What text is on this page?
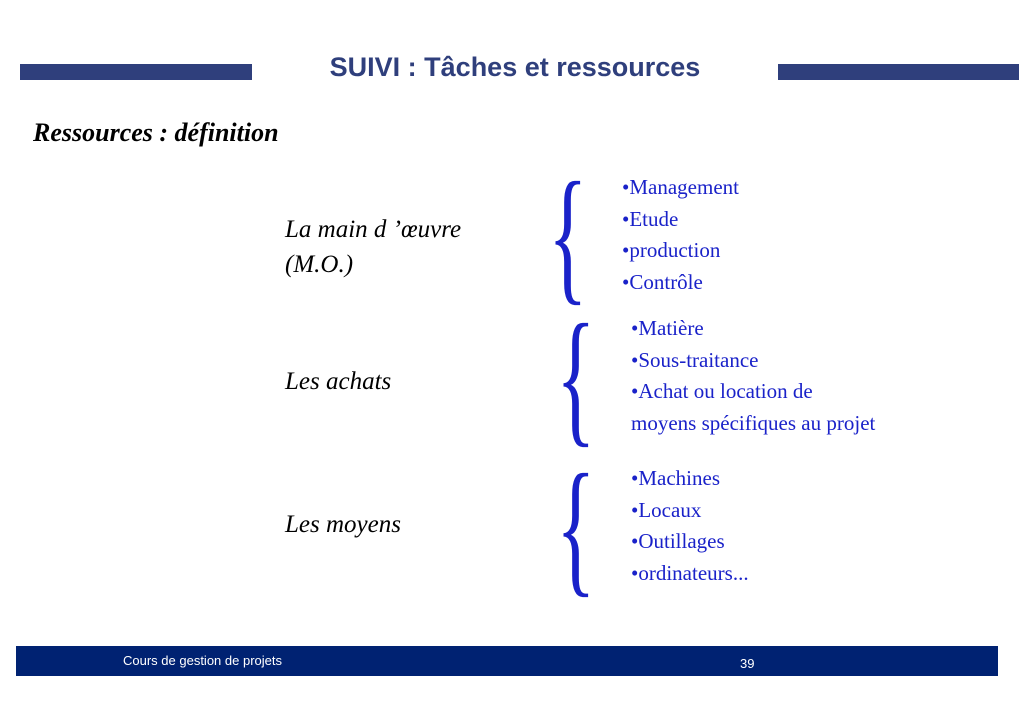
SUIVI : Tâches et ressources
Ressources : définition
La main d ’œuvre
(M.O.)	{ •Management
•Etude
•production
•Contrôle
Les achats { •Matière
•Sous-traitance
•Achat ou location de
moyens spécifiques au projet
Les moyens { •Machines
•Locaux
•Outillages
•ordinateurs...
Cours de gestion de projets	39
